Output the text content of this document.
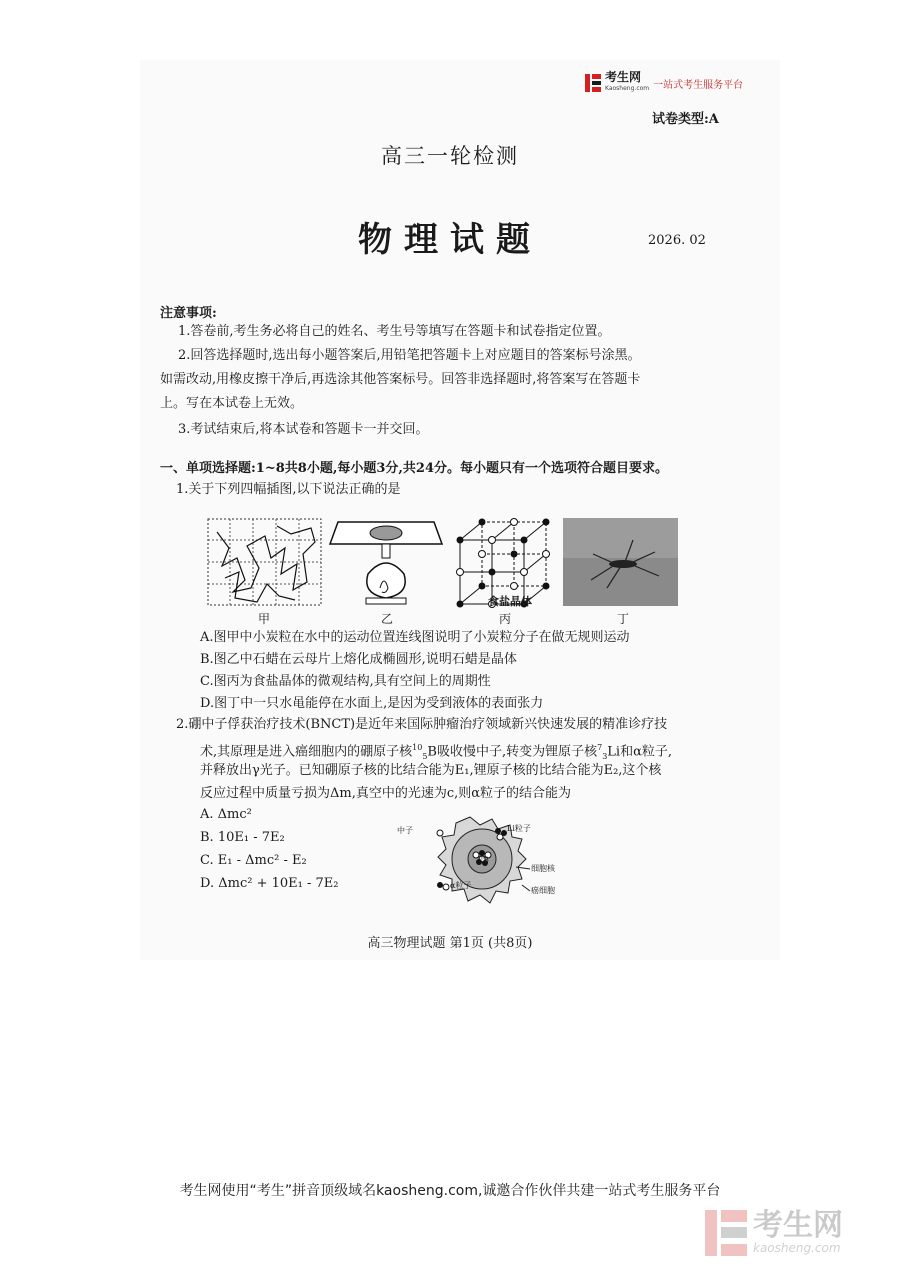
考生网
Kaosheng.com 一站式考生服务平台
试卷类型:A
高三一轮检测
物理试题	2026. 02
注意事项:
1.答卷前,考生务必将自己的姓名、考生号等填写在答题卡和试卷指定位置。
2.回答选择题时,选出每小题答案后,用铅笔把答题卡上对应题目的答案标号涂黑。
如需改动,用橡皮擦干净后,再选涂其他答案标号。回答非选择题时,将答案写在答题卡
上。写在本试卷上无效。
3.考试结束后,将本试卷和答题卡一并交回。
一、单项选择题:1~8共8小题,每小题3分,共24分。每小题只有一个选项符合题目要求。
1.关于下列四幅插图,以下说法正确的是
食盐晶体
甲	乙	丙	丁
A.图甲中小炭粒在水中的运动位置连线图说明了小炭粒分子在做无规则运动
B.图乙中石蜡在云母片上熔化成椭圆形,说明石蜡是晶体
C.图丙为食盐晶体的微观结构,具有空间上的周期性
D.图丁中一只水黾能停在水面上,是因为受到液体的表面张力
2.硼中子俘获治疗技术(BNCT)是近年来国际肿瘤治疗领域新兴快速发展的精准诊疗技
术,其原理是进入癌细胞内的硼原子核$^{10}_5$B吸收慢中子,转变为锂原子核$^7_3$Li和α粒子,
并释放出γ光子。已知硼原子核的比结合能为E₁,锂原子核的比结合能为E₂,这个核
反应过程中质量亏损为Δm,真空中的光速为c,则α粒子的结合能为
A. Δmc²
B. 10E₁ - 7E₂
C. E₁ - Δmc² - E₂
D. Δmc² + 10E₁ - 7E₂
中子	Li粒子
¹⁰B
细胞核
癌细胞
α粒子
高三物理试题 第1页 (共8页)
考生网使用“考生”拼音顶级域名kaosheng.com,诚邀合作伙伴共建一站式考生服务平台
考生网
kaosheng.com
